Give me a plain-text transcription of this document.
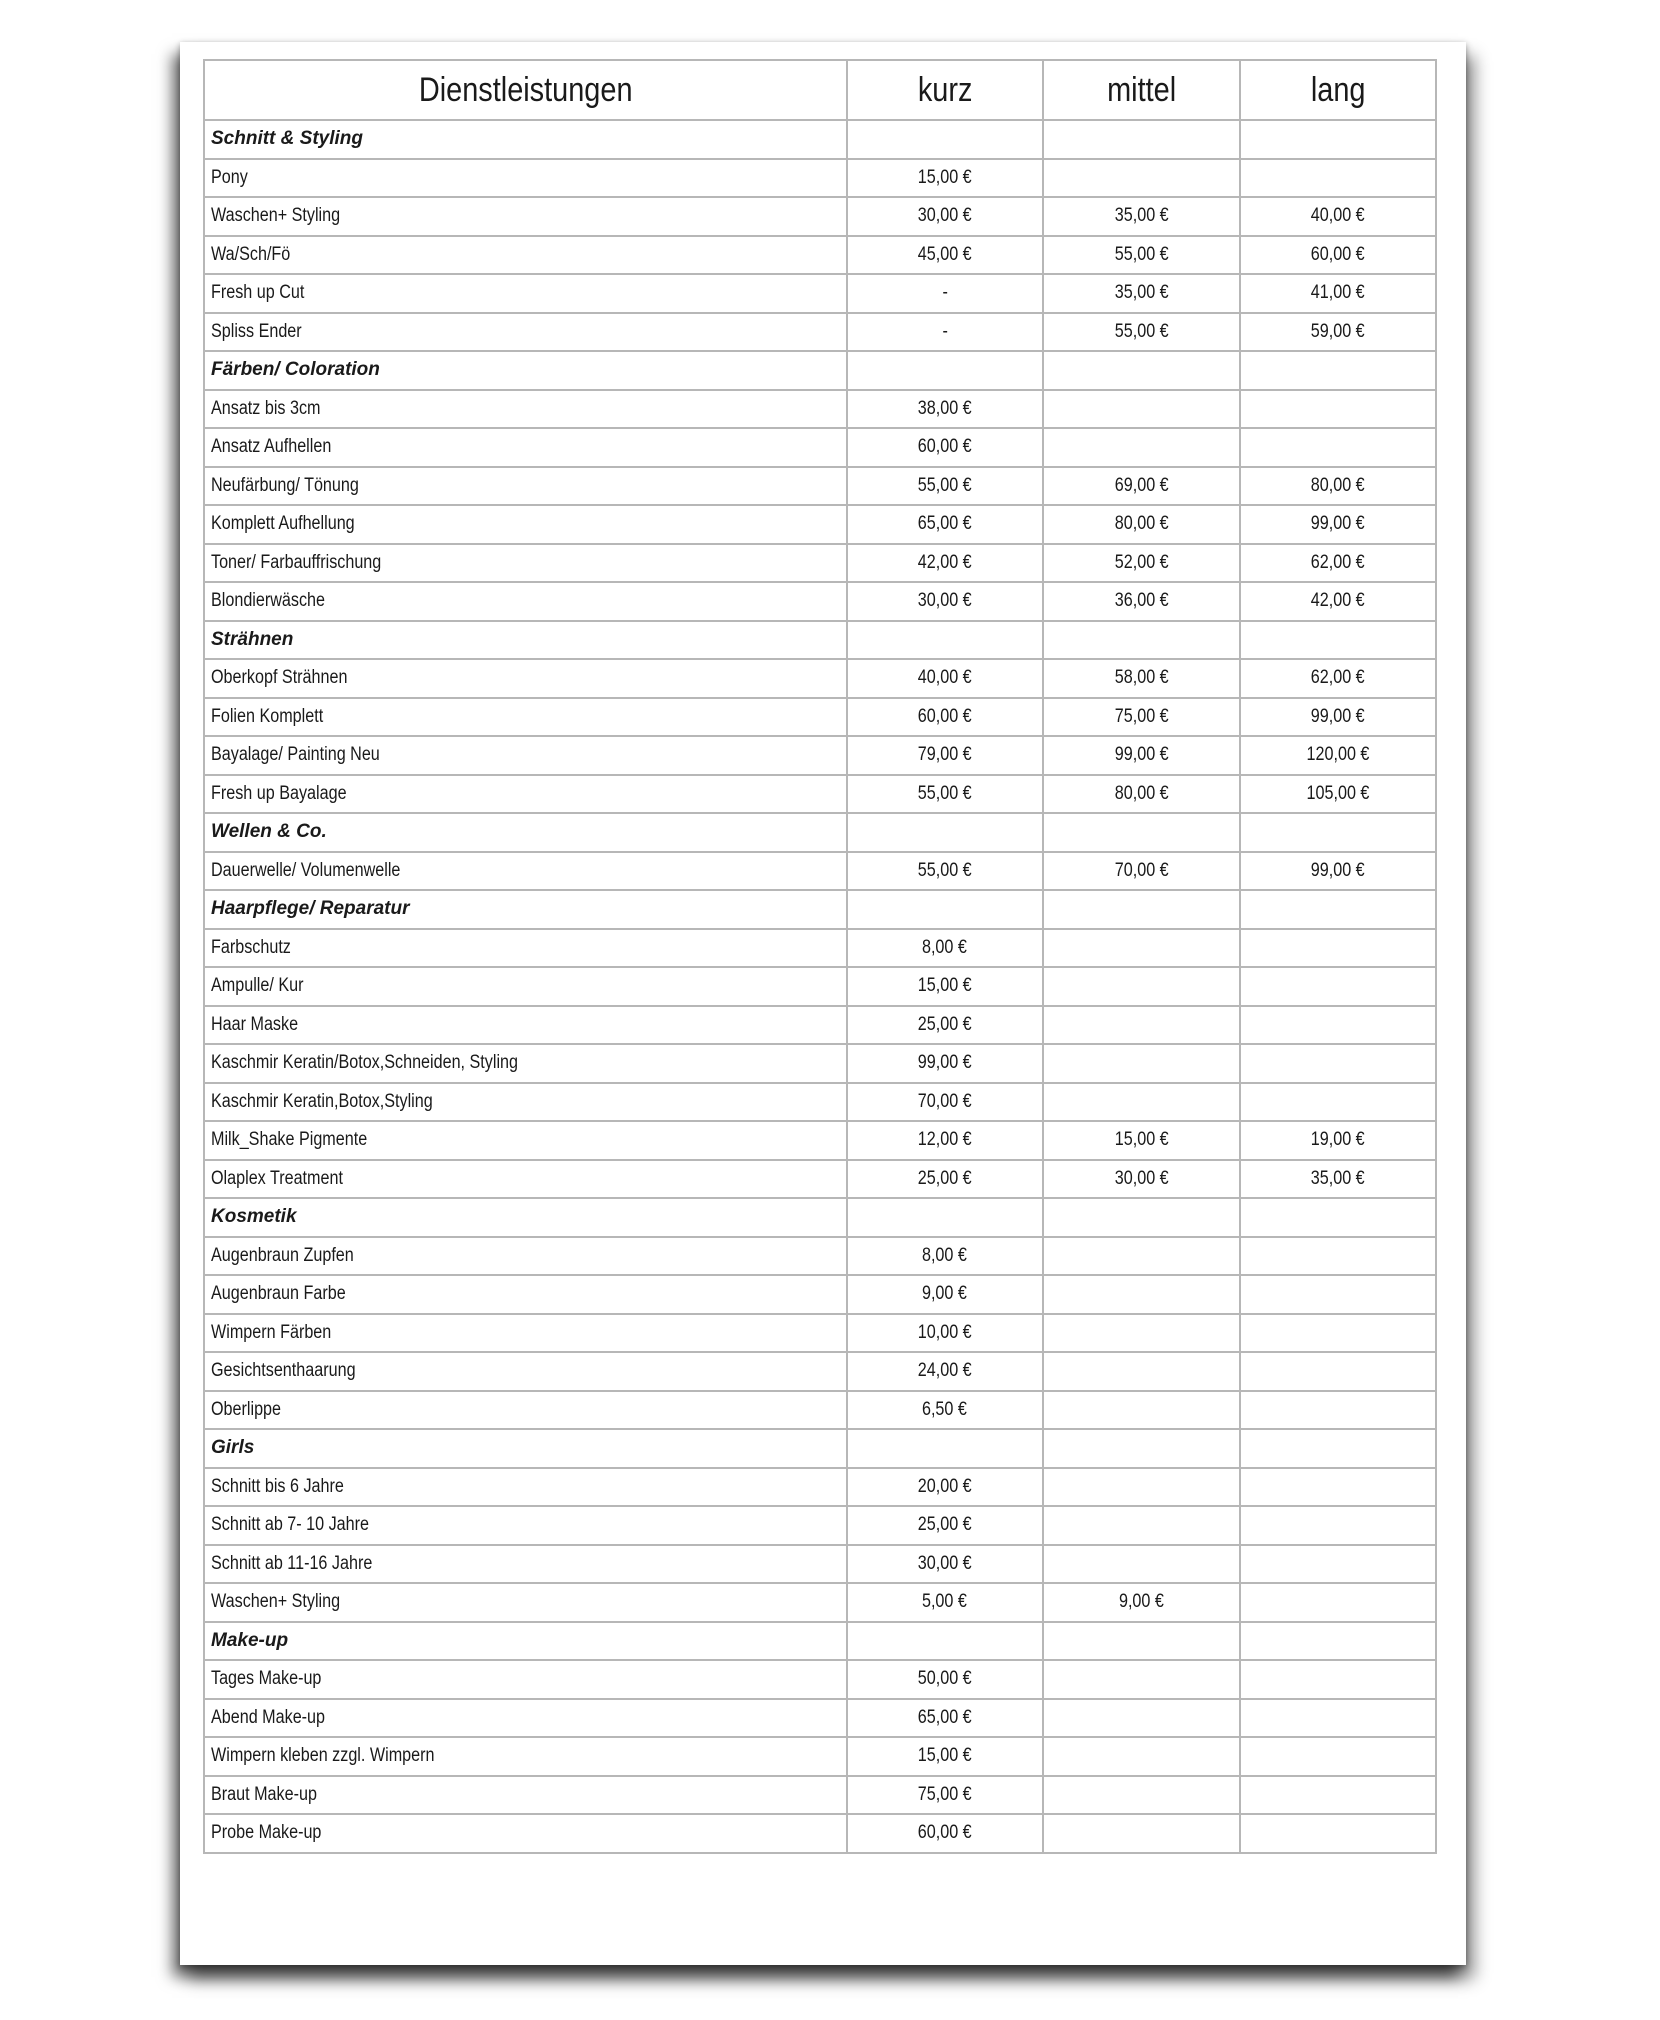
Dienstleistungen	kurz	mittel	lang
Schnitt & Styling			
Pony	15,00 €		
Waschen+ Styling	30,00 €	35,00 €	40,00 €
Wa/Sch/Fö	45,00 €	55,00 €	60,00 €
Fresh up Cut	-	35,00 €	41,00 €
Spliss Ender	-	55,00 €	59,00 €
Färben/ Coloration			
Ansatz bis 3cm	38,00 €		
Ansatz Aufhellen	60,00 €		
Neufärbung/ Tönung	55,00 €	69,00 €	80,00 €
Komplett Aufhellung	65,00 €	80,00 €	99,00 €
Toner/ Farbauffrischung	42,00 €	52,00 €	62,00 €
Blondierwäsche	30,00 €	36,00 €	42,00 €
Strähnen			
Oberkopf Strähnen	40,00 €	58,00 €	62,00 €
Folien Komplett	60,00 €	75,00 €	99,00 €
Bayalage/ Painting Neu	79,00 €	99,00 €	120,00 €
Fresh up Bayalage	55,00 €	80,00 €	105,00 €
Wellen & Co.			
Dauerwelle/ Volumenwelle	55,00 €	70,00 €	99,00 €
Haarpflege/ Reparatur			
Farbschutz	8,00 €		
Ampulle/ Kur	15,00 €		
Haar Maske	25,00 €		
Kaschmir Keratin/Botox,Schneiden, Styling	99,00 €		
Kaschmir Keratin,Botox,Styling	70,00 €		
Milk_Shake Pigmente	12,00 €	15,00 €	19,00 €
Olaplex Treatment	25,00 €	30,00 €	35,00 €
Kosmetik			
Augenbraun Zupfen	8,00 €		
Augenbraun Farbe	9,00 €		
Wimpern Färben	10,00 €		
Gesichtsenthaarung	24,00 €		
Oberlippe	6,50 €		
Girls			
Schnitt bis 6 Jahre	20,00 €		
Schnitt ab 7- 10 Jahre	25,00 €		
Schnitt ab 11-16 Jahre	30,00 €		
Waschen+ Styling	5,00 €	9,00 €	
Make-up			
Tages Make-up	50,00 €		
Abend Make-up	65,00 €		
Wimpern kleben zzgl. Wimpern	15,00 €		
Braut Make-up	75,00 €		
Probe Make-up	60,00 €		
